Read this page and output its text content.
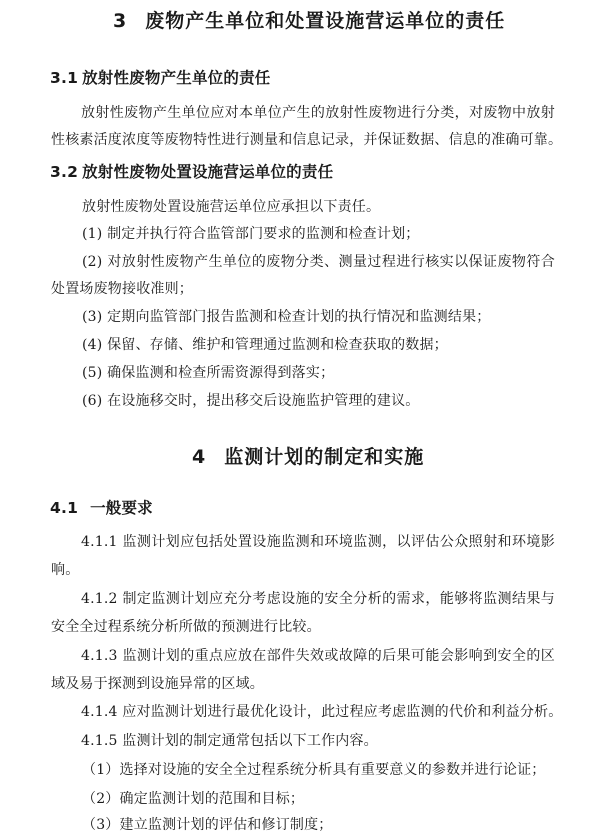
3 废物产生单位和处置设施营运单位的责任
3.1 放射性废物产生单位的责任
放射性废物产生单位应对本单位产生的放射性废物进行分类，对废物中放射
性核素活度浓度等废物特性进行测量和信息记录，并保证数据、信息的准确可靠。
3.2 放射性废物处置设施营运单位的责任
放射性废物处置设施营运单位应承担以下责任。
(1) 制定并执行符合监管部门要求的监测和检查计划；
(2) 对放射性废物产生单位的废物分类、测量过程进行核实以保证废物符合
处置场废物接收准则；
(3) 定期向监管部门报告监测和检查计划的执行情况和监测结果；
(4) 保留、存储、维护和管理通过监测和检查获取的数据；
(5) 确保监测和检查所需资源得到落实；
(6) 在设施移交时，提出移交后设施监护管理的建议。
4 监测计划的制定和实施
4.1 一般要求
4.1.1 监测计划应包括处置设施监测和环境监测，以评估公众照射和环境影
响。
4.1.2 制定监测计划应充分考虑设施的安全分析的需求，能够将监测结果与
安全全过程系统分析所做的预测进行比较。
4.1.3 监测计划的重点应放在部件失效或故障的后果可能会影响到安全的区
域及易于探测到设施异常的区域。
4.1.4 应对监测计划进行最优化设计，此过程应考虑监测的代价和利益分析。
4.1.5 监测计划的制定通常包括以下工作内容。
（1）选择对设施的安全全过程系统分析具有重要意义的参数并进行论证；
（2）确定监测计划的范围和目标；
（3）建立监测计划的评估和修订制度；
